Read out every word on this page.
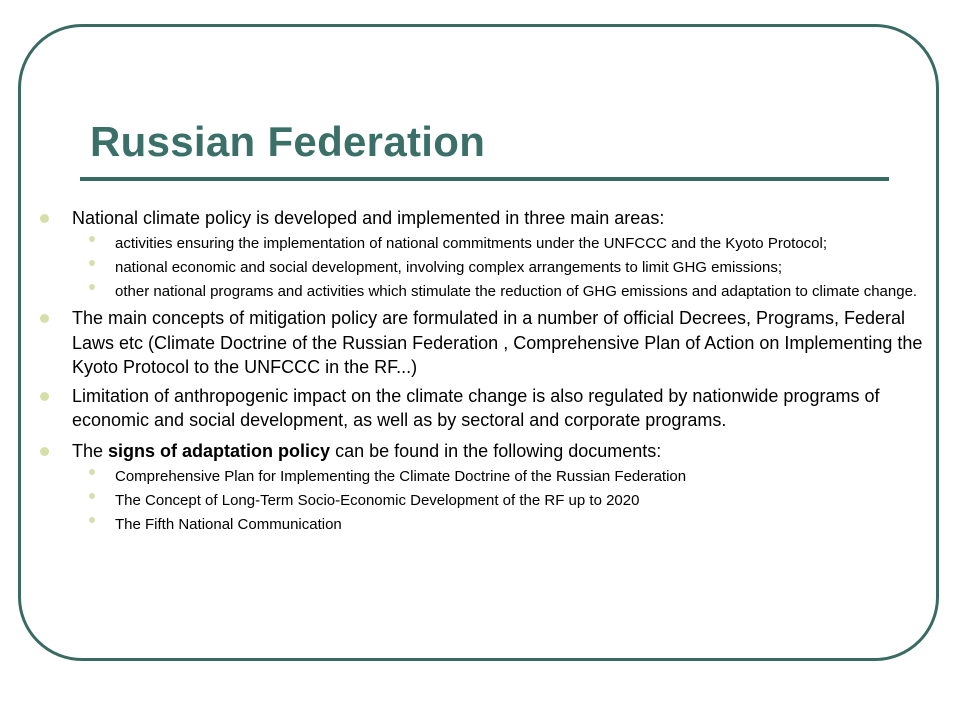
Russian Federation
National climate policy is developed and implemented in three main areas:
activities ensuring the implementation of national commitments under the UNFCCC and the Kyoto Protocol;
national economic and social development, involving complex arrangements to limit GHG emissions;
other national programs and activities which stimulate the reduction of GHG emissions and adaptation to climate change.
The main concepts of mitigation policy are formulated in a number of official Decrees, Programs, Federal Laws etc (Climate Doctrine of the Russian Federation , Comprehensive Plan of Action on Implementing the Kyoto Protocol to the UNFCCC in the RF...)
Limitation of anthropogenic impact on the climate change is also regulated by nationwide programs of economic and social development, as well as by sectoral and corporate programs.
The signs of adaptation policy can be found in the following documents:
Comprehensive Plan for Implementing the Climate Doctrine of the Russian Federation
The Concept of Long-Term Socio-Economic Development of the RF up to 2020
The Fifth National Communication
